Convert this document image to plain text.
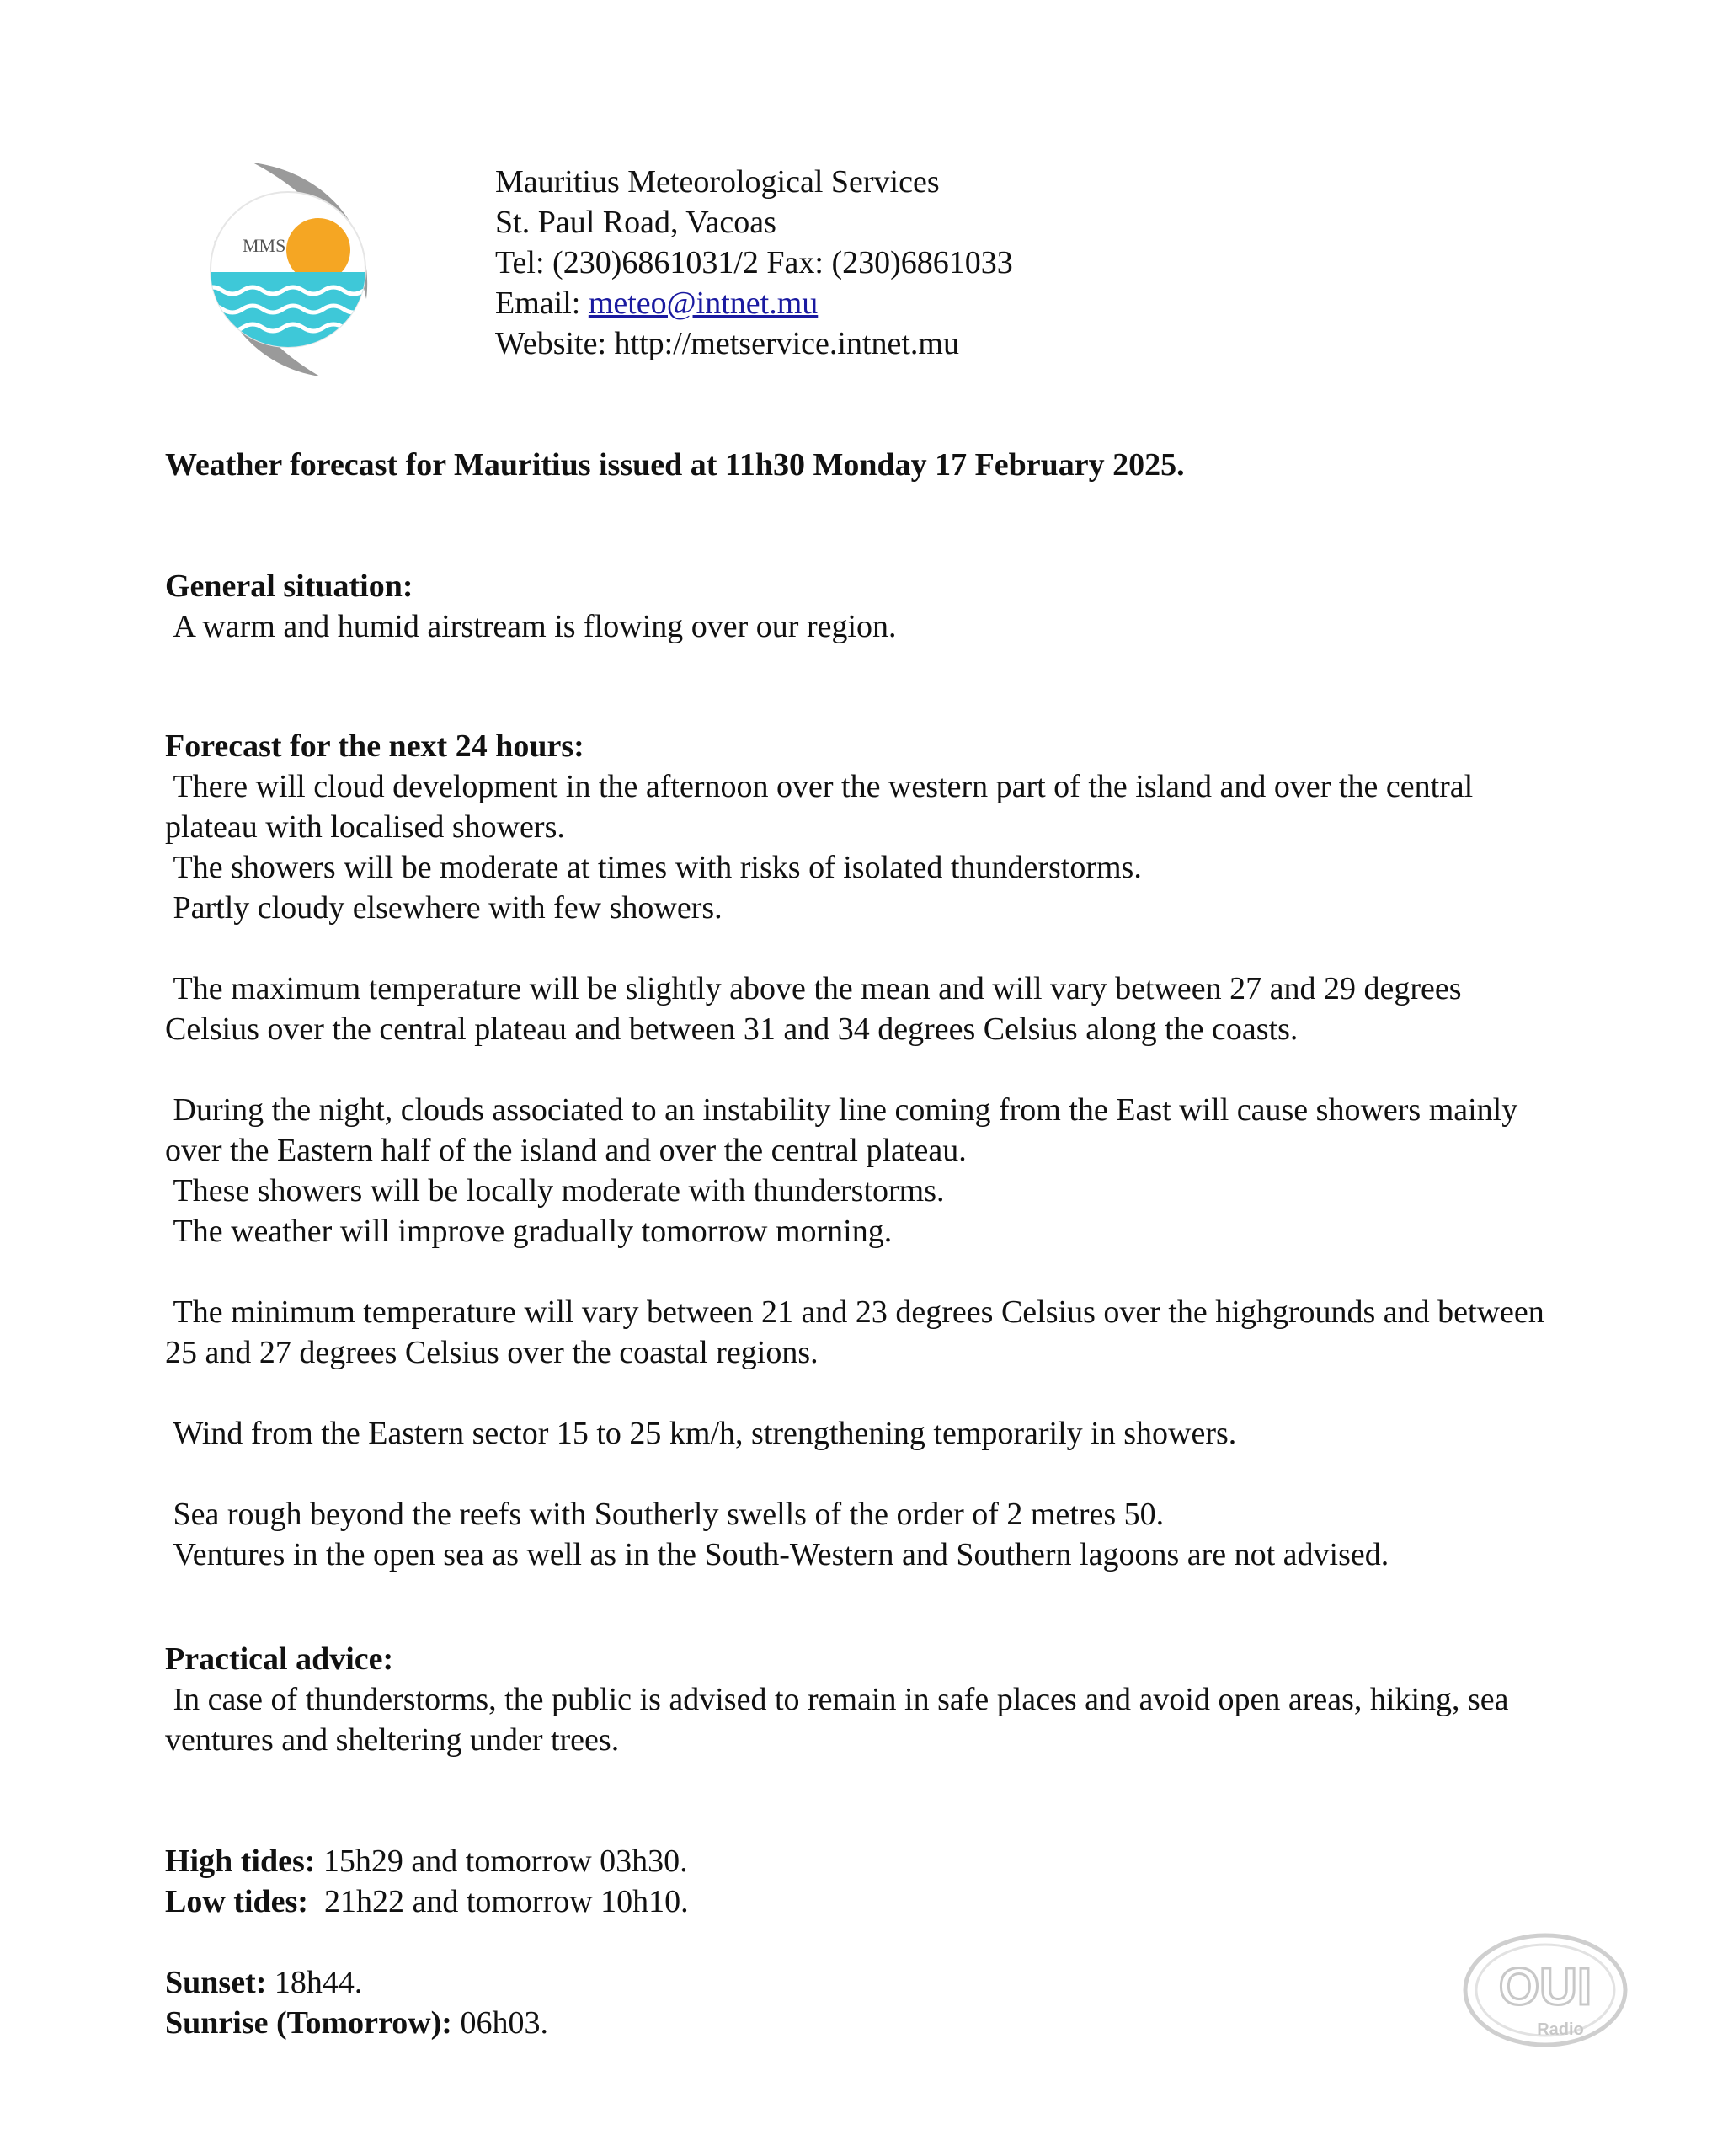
MMS
Mauritius Meteorological Services
St. Paul Road, Vacoas
Tel: (230)6861031/2 Fax: (230)6861033
Email: meteo@intnet.mu
Website: http://metservice.intnet.mu

Weather forecast for Mauritius issued at 11h30 Monday 17 February 2025.

General situation:

A warm and humid airstream is flowing over our region.

Forecast for the next 24 hours:

There will cloud development in the afternoon over the western part of the island and over the central plateau with localised showers.

The showers will be moderate at times with risks of isolated thunderstorms.

Partly cloudy elsewhere with few showers.

The maximum temperature will be slightly above the mean and will vary between 27 and 29 degrees Celsius over the central plateau and between 31 and 34 degrees Celsius along the coasts.

During the night, clouds associated to an instability line coming from the East will cause showers mainly over the Eastern half of the island and over the central plateau.

These showers will be locally moderate with thunderstorms.

The weather will improve gradually tomorrow morning.

The minimum temperature will vary between 21 and 23 degrees Celsius over the highgrounds and between 25 and 27 degrees Celsius over the coastal regions.

Wind from the Eastern sector 15 to 25 km/h, strengthening temporarily in showers.

Sea rough beyond the reefs with Southerly swells of the order of 2 metres 50.

Ventures in the open sea as well as in the South-Western and Southern lagoons are not advised.

Practical advice:

In case of thunderstorms, the public is advised to remain in safe places and avoid open areas, hiking, sea ventures and sheltering under trees.

High tides: 15h29 and tomorrow 03h30.

Low tides:  21h22 and tomorrow 10h10.

Sunset: 18h44.

Sunrise (Tomorrow): 06h03.

OUI
Radio
